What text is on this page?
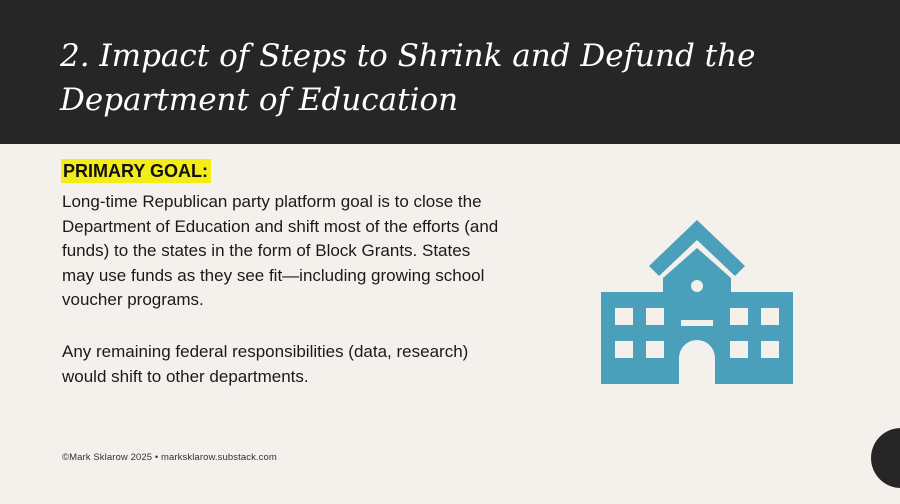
2. Impact of Steps to Shrink and Defund the Department of Education
PRIMARY GOAL:

Long-time Republican party platform goal is to close the Department of Education and shift most of the efforts (and funds) to the states in the form of Block Grants. States may use funds as they see fit—including growing school voucher programs.

Any remaining federal responsibilities (data, research) would shift to other departments.

©Mark Sklarow 2025 • marksklarow.substack.com
